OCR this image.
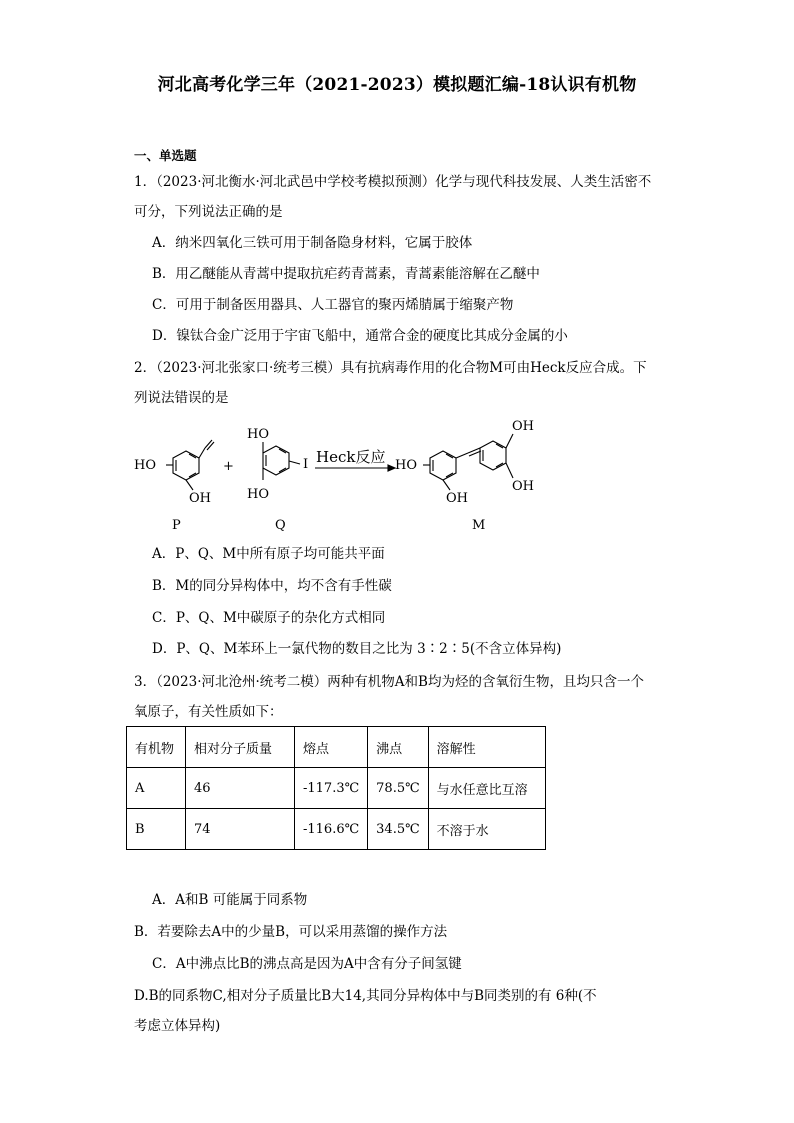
河北高考化学三年（2021-2023）模拟题汇编-18认识有机物
一、单选题
1．（2023·河北衡水·河北武邑中学校考模拟预测）化学与现代科技发展、人类生活密不
可分，下列说法正确的是
A．纳米四氧化三铁可用于制备隐身材料，它属于胶体
B．用乙醚能从青蒿中提取抗疟药青蒿素，青蒿素能溶解在乙醚中
C．可用于制备医用器具、人工器官的聚丙烯腈属于缩聚产物
D．镍钛合金广泛用于宇宙飞船中，通常合金的硬度比其成分金属的小
2．（2023·河北张家口·统考三模）具有抗病毒作用的化合物M可由Heck反应合成。下
列说法错误的是
HO
OH
+
HO
HO
I Heck反应 HO
OH
OH
OH
P	Q	M
A．P、Q、M中所有原子均可能共平面
B．M的同分异构体中，均不含有手性碳
C．P、Q、M中碳原子的杂化方式相同
D．P、Q、M苯环上一氯代物的数目之比为 3∶2∶5(不含立体异构)
3．（2023·河北沧州·统考二模）两种有机物A和B均为烃的含氧衍生物，且均只含一个
氧原子，有关性质如下：
有机物	相对分子质量	熔点	沸点	溶解性
A	46	-117.3℃	78.5℃	与水任意比互溶
B	74	-116.6℃	34.5℃	不溶于水
A．A和B 可能属于同系物
B．若要除去A中的少量B，可以采用蒸馏的操作方法
C．A中沸点比B的沸点高是因为A中含有分子间氢键
D.B的同系物C,相对分子质量比B大14,其同分异构体中与B同类别的有 6种(不
考虑立体异构)
